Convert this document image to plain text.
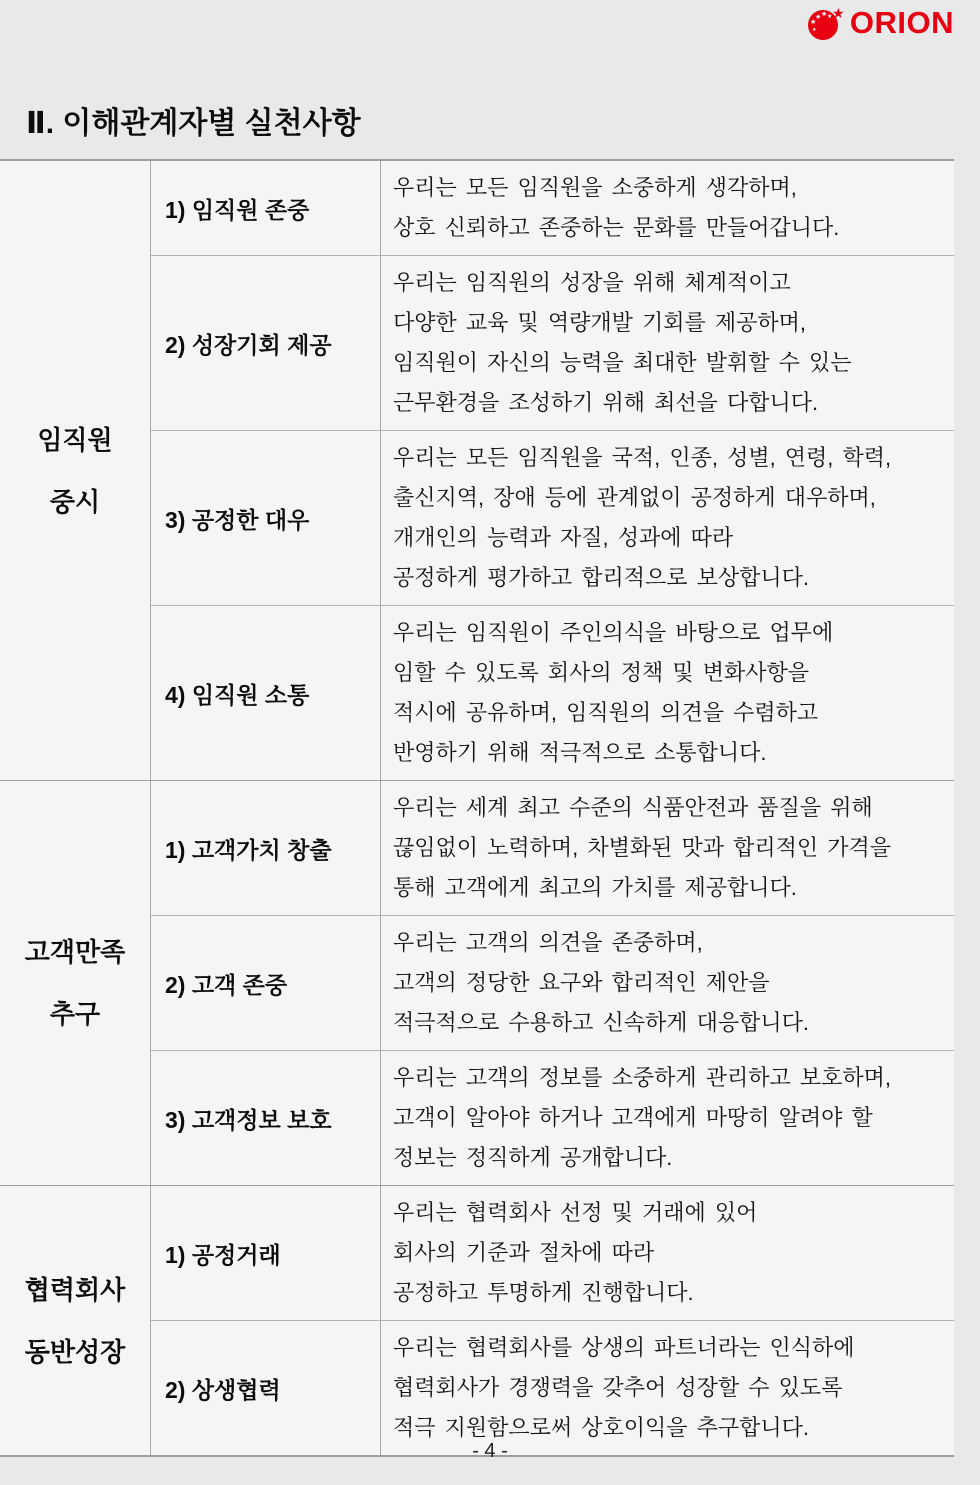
★
★ ★ ★
★
★ ORION
Ⅱ. 이해관계자별 실천사항
임직원
중시
1) 임직원 존중
우리는 모든 임직원을 소중하게 생각하며,
상호 신뢰하고 존중하는 문화를 만들어갑니다.
2) 성장기회 제공
우리는 임직원의 성장을 위해 체계적이고
다양한 교육 및 역량개발 기회를 제공하며,
임직원이 자신의 능력을 최대한 발휘할 수 있는
근무환경을 조성하기 위해 최선을 다합니다.
3) 공정한 대우
우리는 모든 임직원을 국적, 인종, 성별, 연령, 학력,
출신지역, 장애 등에 관계없이 공정하게 대우하며,
개개인의 능력과 자질, 성과에 따라
공정하게 평가하고 합리적으로 보상합니다.
4) 임직원 소통
우리는 임직원이 주인의식을 바탕으로 업무에
임할 수 있도록 회사의 정책 및 변화사항을
적시에 공유하며, 임직원의 의견을 수렴하고
반영하기 위해 적극적으로 소통합니다.
고객만족
추구
1) 고객가치 창출
우리는 세계 최고 수준의 식품안전과 품질을 위해
끊임없이 노력하며, 차별화된 맛과 합리적인 가격을
통해 고객에게 최고의 가치를 제공합니다.
2) 고객 존중
우리는 고객의 의견을 존중하며,
고객의 정당한 요구와 합리적인 제안을
적극적으로 수용하고 신속하게 대응합니다.
3) 고객정보 보호
우리는 고객의 정보를 소중하게 관리하고 보호하며,
고객이 알아야 하거나 고객에게 마땅히 알려야 할
정보는 정직하게 공개합니다.
협력회사
동반성장
1) 공정거래
우리는 협력회사 선정 및 거래에 있어
회사의 기준과 절차에 따라
공정하고 투명하게 진행합니다.
2) 상생협력
우리는 협력회사를 상생의 파트너라는 인식하에
협력회사가 경쟁력을 갖추어 성장할 수 있도록
적극 지원함으로써 상호이익을 추구합니다.
- 4 -
